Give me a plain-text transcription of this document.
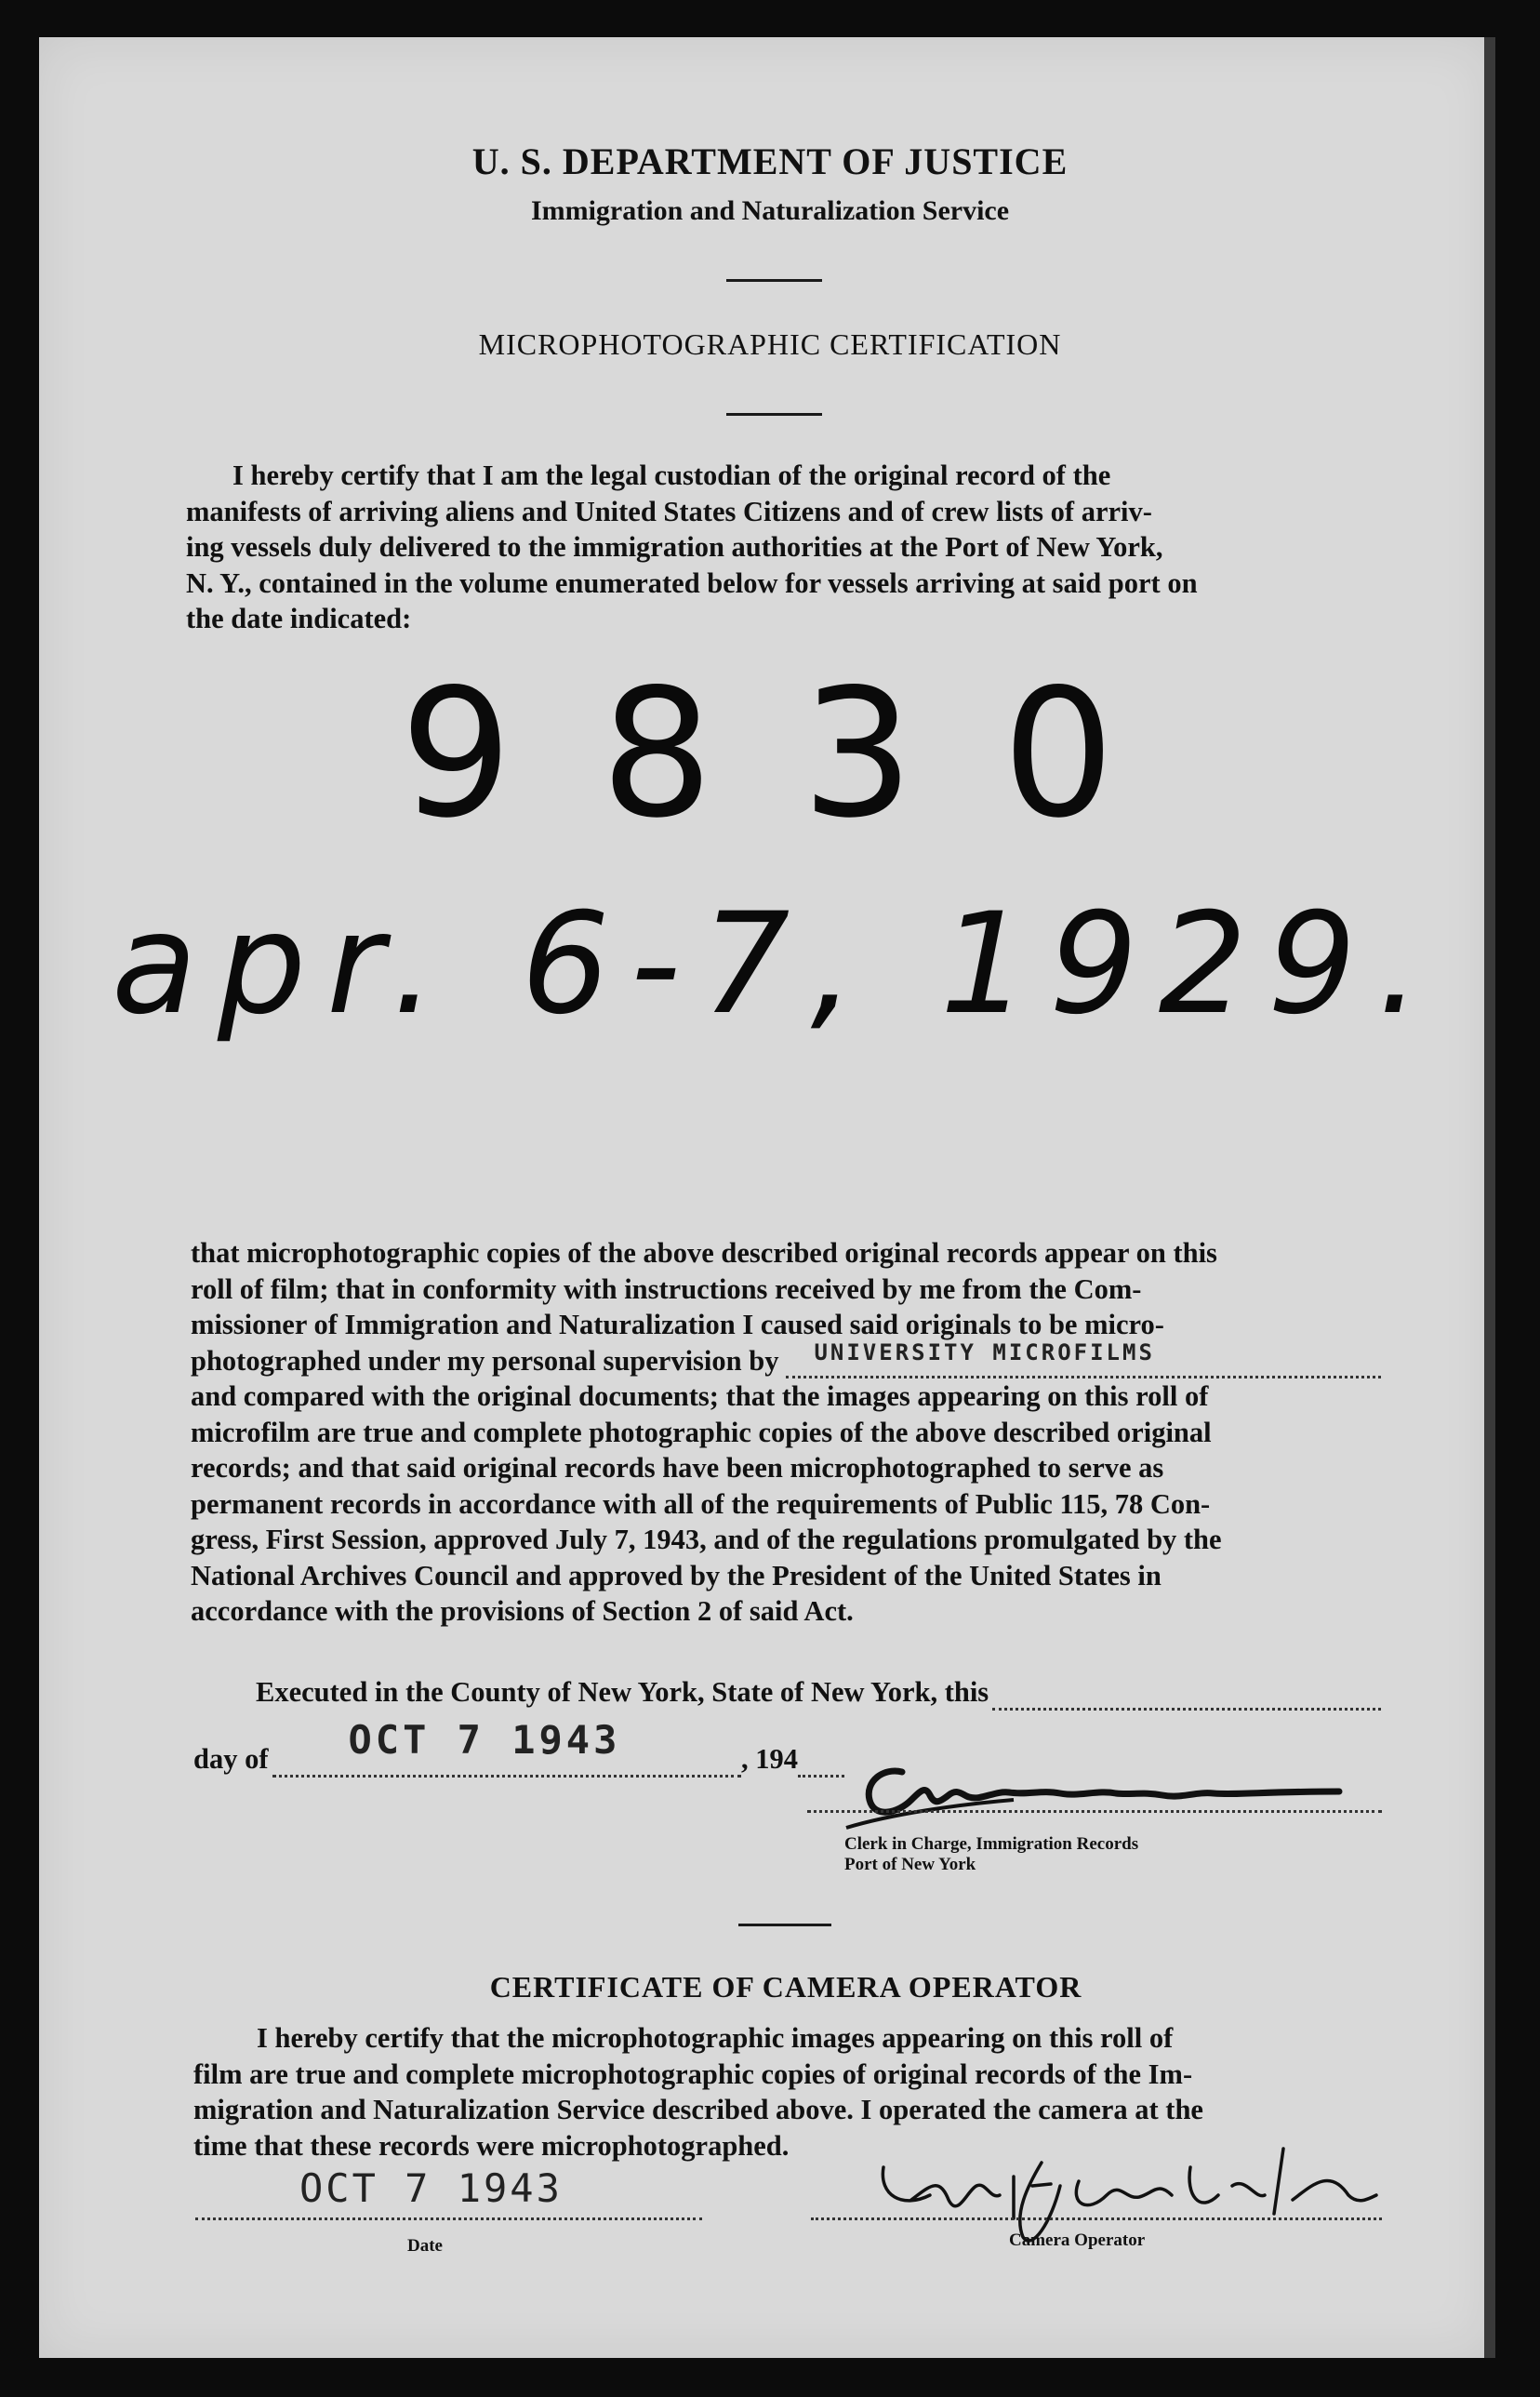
U. S. DEPARTMENT OF JUSTICE
Immigration and Naturalization Service
MICROPHOTOGRAPHIC CERTIFICATION
I hereby certify that I am the legal custodian of the original record of the
manifests of arriving aliens and United States Citizens and of crew lists of arriv-
ing vessels duly delivered to the immigration authorities at the Port of New York,
N. Y., contained in the volume enumerated below for vessels arriving at said port on
the date indicated:
9830
apr. 6-7, 1929.
that microphotographic copies of the above described original records appear on this
roll of film; that in conformity with instructions received by me from the Com-
missioner of Immigration and Naturalization I caused said originals to be micro-
photographed under my personal supervision by UNIVERSITY MICROFILMS
and compared with the original documents; that the images appearing on this roll of
microfilm are true and complete photographic copies of the above described original
records; and that said original records have been microphotographed to serve as
permanent records in accordance with all of the requirements of Public 115, 78 Con-
gress, First Session, approved July 7, 1943, and of the regulations promulgated by the
National Archives Council and approved by the President of the United States in
accordance with the provisions of Section 2 of said Act.
Executed in the County of New York, State of New York, this
day of OCT 7 1943	, 194
Clerk in Charge, Immigration Records
Port of New York
CERTIFICATE OF CAMERA OPERATOR
I hereby certify that the microphotographic images appearing on this roll of
film are true and complete microphotographic copies of original records of the Im-
migration and Naturalization Service described above. I operated the camera at the
time that these records were microphotographed.
OCT 7 1943
Date	Camera Operator
